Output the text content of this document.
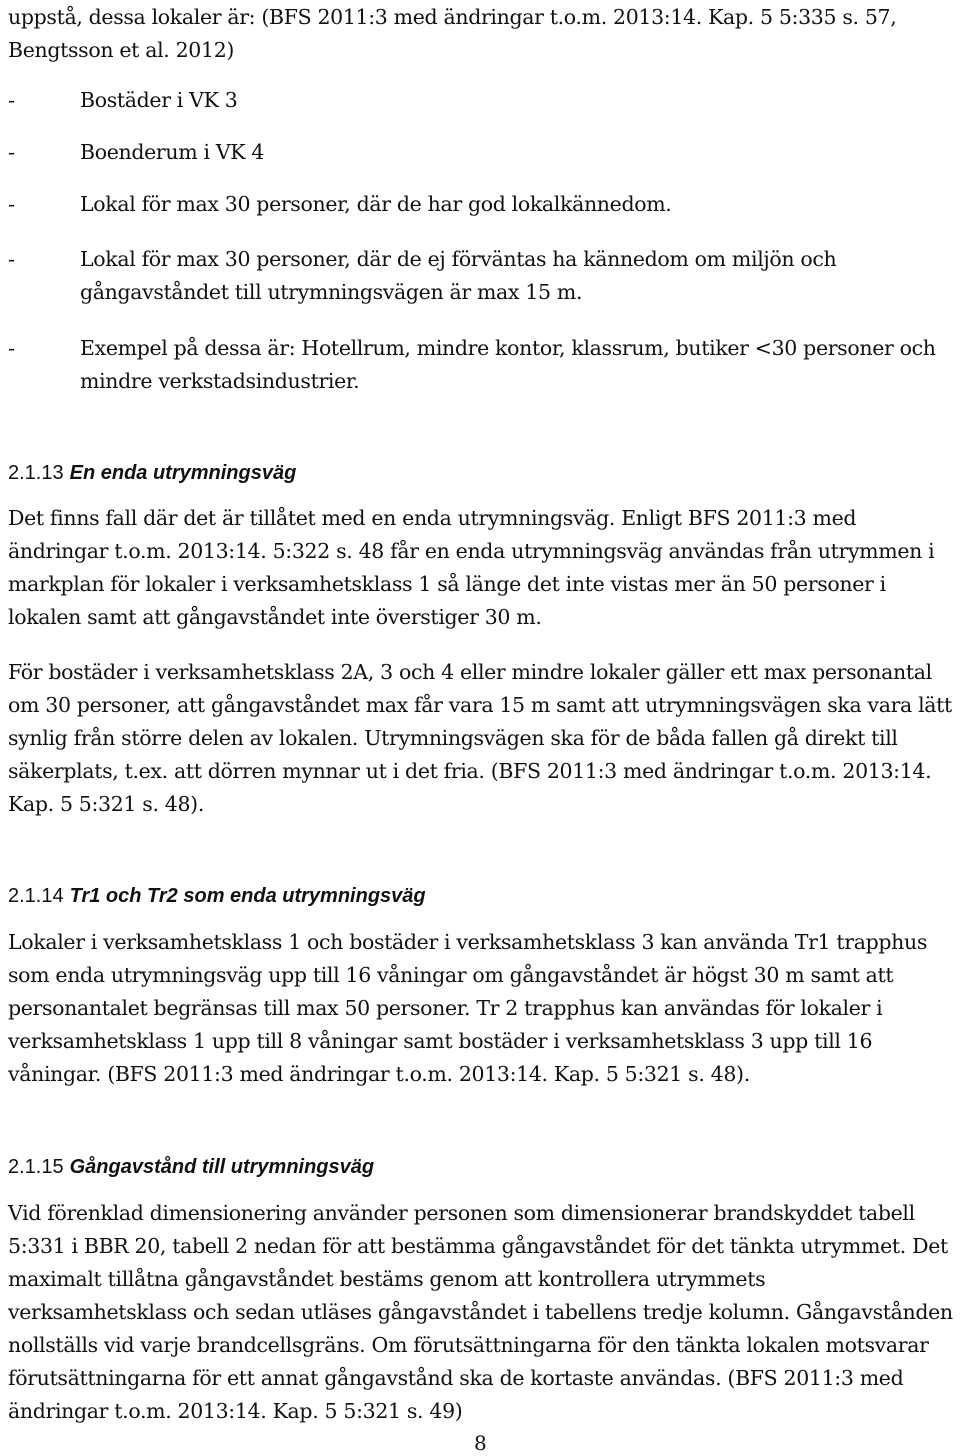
uppstå, dessa lokaler är: (BFS 2011:3 med ändringar t.o.m. 2013:14. Kap. 5 5:335 s. 57,
Bengtsson et al. 2012)
-	Bostäder i VK 3
-	Boenderum i VK 4
-	Lokal för max 30 personer, där de har god lokalkännedom.
-	Lokal för max 30 personer, där de ej förväntas ha kännedom om miljön och
gångavståndet till utrymningsvägen är max 15 m.
-	Exempel på dessa är: Hotellrum, mindre kontor, klassrum, butiker <30 personer och
mindre verkstadsindustrier.
2.1.13 En enda utrymningsväg
Det finns fall där det är tillåtet med en enda utrymningsväg. Enligt BFS 2011:3 med
ändringar t.o.m. 2013:14. 5:322 s. 48 får en enda utrymningsväg användas från utrymmen i
markplan för lokaler i verksamhetsklass 1 så länge det inte vistas mer än 50 personer i
lokalen samt att gångavståndet inte överstiger 30 m.
För bostäder i verksamhetsklass 2A, 3 och 4 eller mindre lokaler gäller ett max personantal
om 30 personer, att gångavståndet max får vara 15 m samt att utrymningsvägen ska vara lätt
synlig från större delen av lokalen. Utrymningsvägen ska för de båda fallen gå direkt till
säkerplats, t.ex. att dörren mynnar ut i det fria. (BFS 2011:3 med ändringar t.o.m. 2013:14.
Kap. 5 5:321 s. 48).
2.1.14 Tr1 och Tr2 som enda utrymningsväg
Lokaler i verksamhetsklass 1 och bostäder i verksamhetsklass 3 kan använda Tr1 trapphus
som enda utrymningsväg upp till 16 våningar om gångavståndet är högst 30 m samt att
personantalet begränsas till max 50 personer. Tr 2 trapphus kan användas för lokaler i
verksamhetsklass 1 upp till 8 våningar samt bostäder i verksamhetsklass 3 upp till 16
våningar. (BFS 2011:3 med ändringar t.o.m. 2013:14. Kap. 5 5:321 s. 48).
2.1.15 Gångavstånd till utrymningsväg
Vid förenklad dimensionering använder personen som dimensionerar brandskyddet tabell
5:331 i BBR 20, tabell 2 nedan för att bestämma gångavståndet för det tänkta utrymmet. Det
maximalt tillåtna gångavståndet bestäms genom att kontrollera utrymmets
verksamhetsklass och sedan utläses gångavståndet i tabellens tredje kolumn. Gångavstånden
nollställs vid varje brandcellsgräns. Om förutsättningarna för den tänkta lokalen motsvarar
förutsättningarna för ett annat gångavstånd ska de kortaste användas. (BFS 2011:3 med
ändringar t.o.m. 2013:14. Kap. 5 5:321 s. 49)
8
